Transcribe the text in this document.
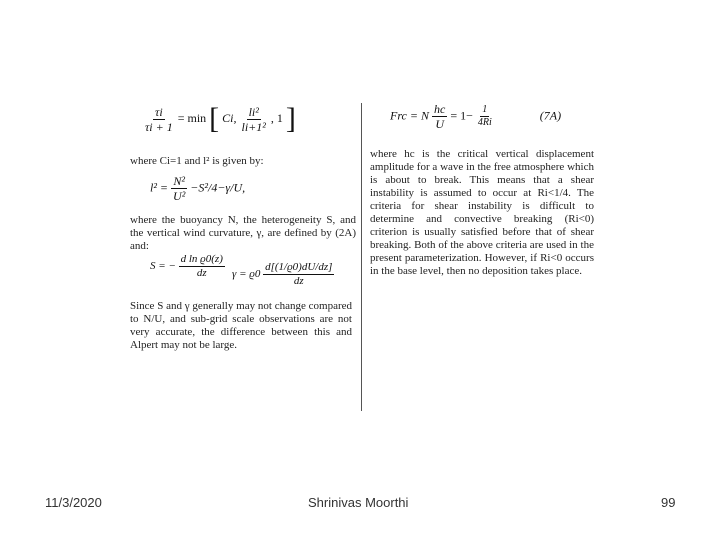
$\frac{\tau i}{\tau i + 1} = \min$ [ Ci, $\frac{\text{li²}}{\text{li+1²}}$ , 1 ]
where Ci=1 and l² is given by:
$l^2 = \frac{\text{N²}}{\text{U²}} -S^2/4-\gamma/U$,
where the buoyancy N, the heterogeneity S, and the vertical wind curvature, γ, are defined by (2A) and:
S = − $\frac{\text{d ln ϱ0(z)}}{dz}$ $\gamma = ϱ0 \frac{d[(1/ϱ0)dU/dz]}{dz}$
Since S and γ generally may not change compared to N/U, and sub-grid scale observations are not very accurate, the difference between this and Alpert may not be large.
Frc = N $\frac{hc}{U} = 1- \frac{1}{4Ri}$	(7A)
where hc is the critical vertical displacement amplitude for a wave in the free atmosphere which is about to break. This means that a shear instability is assumed to occur at Ri<1/4. The criteria for shear instability is difficult to determine and convective breaking (Ri<0) criterion is usually satisfied before that of shear breaking. Both of the above criteria are used in the present parameterization. However, if Ri<0 occurs in the base level, then no deposition takes place.
11/3/2020	Shrinivas Moorthi	99
